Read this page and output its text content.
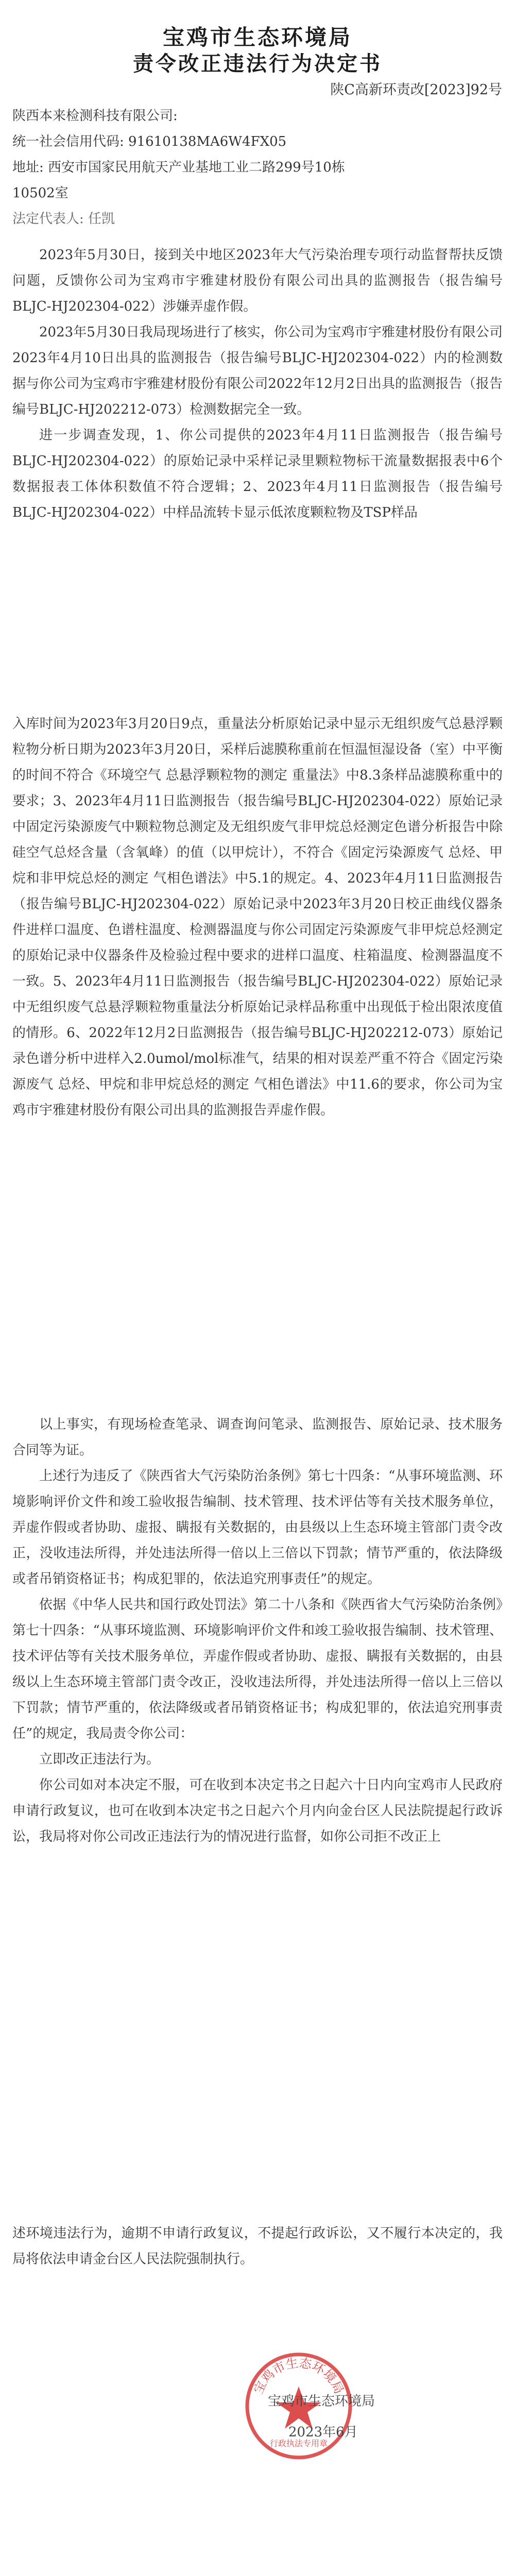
宝鸡市生态环境局
责令改正违法行为决定书
陕C高新环责改[2023]92号

陕西本来检测科技有限公司:

统一社会信用代码: 91610138MA6W4FX05

地址: 西安市国家民用航天产业基地工业二路299号10栋

10502室

法定代表人: 任凯

2023年5月30日，接到关中地区2023年大气污染治理专项行动监督帮扶反馈问题，反馈你公司为宝鸡市宇雅建材股份有限公司出具的监测报告（报告编号BLJC-HJ202304-022）涉嫌弄虚作假。

2023年5月30日我局现场进行了核实，你公司为宝鸡市宇雅建材股份有限公司2023年4月10日出具的监测报告（报告编号BLJC-HJ202304-022）内的检测数据与你公司为宝鸡市宇雅建材股份有限公司2022年12月2日出具的监测报告（报告编号BLJC-HJ202212-073）检测数据完全一致。

进一步调查发现，1、你公司提供的2023年4月11日监测报告（报告编号BLJC-HJ202304-022）的原始记录中采样记录里颗粒物标干流量数据报表中6个数据报表工体体积数值不符合逻辑；2、2023年4月11日监测报告（报告编号BLJC-HJ202304-022）中样品流转卡显示低浓度颗粒物及TSP样品

入库时间为2023年3月20日9点，重量法分析原始记录中显示无组织废气总悬浮颗粒物分析日期为2023年3月20日，采样后滤膜称重前在恒温恒湿设备（室）中平衡的时间不符合《环境空气 总悬浮颗粒物的测定 重量法》中8.3条样品滤膜称重中的要求；3、2023年4月11日监测报告（报告编号BLJC-HJ202304-022）原始记录中固定污染源废气中颗粒物总测定及无组织废气非甲烷总烃测定色谱分析报告中除硅空气总烃含量（含氧峰）的值（以甲烷计），不符合《固定污染源废气 总烃、甲烷和非甲烷总烃的测定 气相色谱法》中5.1的规定。4、2023年4月11日监测报告（报告编号BLJC-HJ202304-022）原始记录中2023年3月20日校正曲线仪器条件进样口温度、色谱柱温度、检测器温度与你公司固定污染源废气非甲烷总烃测定的原始记录中仪器条件及检验过程中要求的进样口温度、柱箱温度、检测器温度不一致。5、2023年4月11日监测报告（报告编号BLJC-HJ202304-022）原始记录中无组织废气总悬浮颗粒物重量法分析原始记录样品称重中出现低于检出限浓度值的情形。6、2022年12月2日监测报告（报告编号BLJC-HJ202212-073）原始记录色谱分析中进样入2.0umol/mol标准气，结果的相对误差严重不符合《固定污染源废气 总烃、甲烷和非甲烷总烃的测定 气相色谱法》中11.6的要求，你公司为宝鸡市宇雅建材股份有限公司出具的监测报告弄虚作假。

以上事实，有现场检查笔录、调查询问笔录、监测报告、原始记录、技术服务合同等为证。

上述行为违反了《陕西省大气污染防治条例》第七十四条：“从事环境监测、环境影响评价文件和竣工验收报告编制、技术管理、技术评估等有关技术服务单位，弄虚作假或者协助、虚报、瞒报有关数据的，由县级以上生态环境主管部门责令改正，没收违法所得，并处违法所得一倍以上三倍以下罚款；情节严重的，依法降级或者吊销资格证书；构成犯罪的，依法追究刑事责任”的规定。

依据《中华人民共和国行政处罚法》第二十八条和《陕西省大气污染防治条例》第七十四条：“从事环境监测、环境影响评价文件和竣工验收报告编制、技术管理、技术评估等有关技术服务单位，弄虚作假或者协助、虚报、瞒报有关数据的，由县级以上生态环境主管部门责令改正，没收违法所得，并处违法所得一倍以上三倍以下罚款；情节严重的，依法降级或者吊销资格证书；构成犯罪的，依法追究刑事责任”的规定，我局责令你公司：

立即改正违法行为。

你公司如对本决定不服，可在收到本决定书之日起六十日内向宝鸡市人民政府申请行政复议，也可在收到本决定书之日起六个月内向金台区人民法院提起行政诉讼，我局将对你公司改正违法行为的情况进行监督，如你公司拒不改正上

述环境违法行为，逾期不申请行政复议，不提起行政诉讼，又不履行本决定的，我局将依法申请金台区人民法院强制执行。

宝鸡市生态环境局
行政执法专用章
宝鸡市生态环境局
2023年6月
